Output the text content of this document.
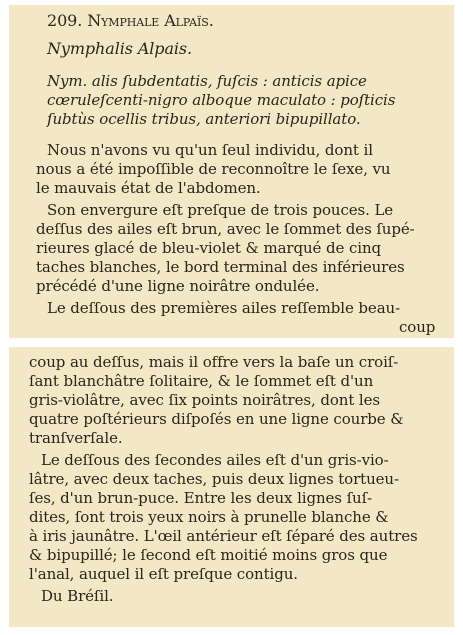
209. Nymphale Alpaïs.
Nymphalis Alpais.
Nym. alis ſubdentatis, fuſcis : anticis apice
cœruleſcenti-nigro alboque maculato : poſticis
ſubtùs ocellis tribus, anteriori bipupillato.
Nous n'avons vu qu'un ſeul individu, dont il
nous a été impoſſible de reconnoître le ſexe, vu
le mauvais état de l'abdomen.
Son envergure eſt preſque de trois pouces. Le
deſſus des ailes eſt brun, avec le ſommet des ſupé-
rieures glacé de bleu-violet & marqué de cinq
taches blanches, le bord terminal des inférieures
précédé d'une ligne noirâtre ondulée.
Le deſſous des premières ailes reſſemble beau-
coup
coup au deſſus, mais il offre vers la baſe un croiſ-
ſant blanchâtre ſolitaire, & le ſommet eſt d'un
gris-violâtre, avec ſix points noirâtres, dont les
quatre poſtérieurs diſpoſés en une ligne courbe &
tranſverſale.
Le deſſous des ſecondes ailes eſt d'un gris-vio-
lâtre, avec deux taches, puis deux lignes tortueu-
ſes, d'un brun-puce. Entre les deux lignes ſuſ-
dites, ſont trois yeux noirs à prunelle blanche &
à iris jaunâtre. L'œil antérieur eſt ſéparé des autres
& bipupillé; le ſecond eſt moitié moins gros que
l'anal, auquel il eſt preſque contigu.
Du Bréſil.
